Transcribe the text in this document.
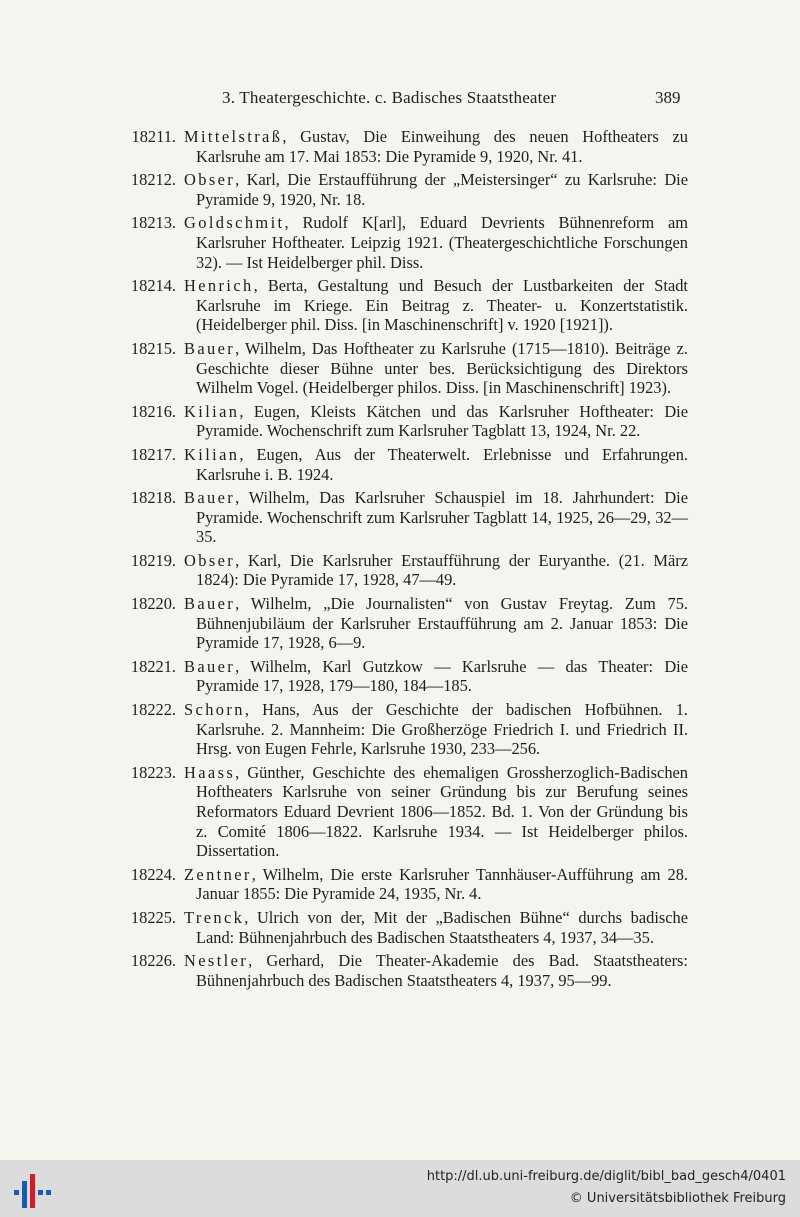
3. Theatergeschichte. c. Badisches Staatstheater	389
18211. Mittelstraß, Gustav, Die Einweihung des neuen Hoftheaters zu Karlsruhe am 17. Mai 1853: Die Pyramide 9, 1920, Nr. 41.
18212. Obser, Karl, Die Erstaufführung der „Meistersinger“ zu Karlsruhe: Die Pyramide 9, 1920, Nr. 18.
18213. Goldschmit, Rudolf K[arl], Eduard Devrients Bühnenreform am Karlsruher Hoftheater. Leipzig 1921. (Theatergeschichtliche Forschungen 32). — Ist Heidelberger phil. Diss.
18214. Henrich, Berta, Gestaltung und Besuch der Lustbarkeiten der Stadt Karlsruhe im Kriege. Ein Beitrag z. Theater- u. Konzertstatistik. (Heidelberger phil. Diss. [in Maschinenschrift] v. 1920 [1921]).
18215. Bauer, Wilhelm, Das Hoftheater zu Karlsruhe (1715—1810). Beiträge z. Geschichte dieser Bühne unter bes. Berücksichtigung des Direktors Wilhelm Vogel. (Heidelberger philos. Diss. [in Maschinenschrift] 1923).
18216. Kilian, Eugen, Kleists Kätchen und das Karlsruher Hoftheater: Die Pyramide. Wochenschrift zum Karlsruher Tagblatt 13, 1924, Nr. 22.
18217. Kilian, Eugen, Aus der Theaterwelt. Erlebnisse und Erfahrungen. Karlsruhe i. B. 1924.
18218. Bauer, Wilhelm, Das Karlsruher Schauspiel im 18. Jahrhundert: Die Pyramide. Wochenschrift zum Karlsruher Tagblatt 14, 1925, 26—29, 32—35.
18219. Obser, Karl, Die Karlsruher Erstaufführung der Euryanthe. (21. März 1824): Die Pyramide 17, 1928, 47—49.
18220. Bauer, Wilhelm, „Die Journalisten“ von Gustav Freytag. Zum 75. Bühnenjubiläum der Karlsruher Erstaufführung am 2. Januar 1853: Die Pyramide 17, 1928, 6—9.
18221. Bauer, Wilhelm, Karl Gutzkow — Karlsruhe — das Theater: Die Pyramide 17, 1928, 179—180, 184—185.
18222. Schorn, Hans, Aus der Geschichte der badischen Hofbühnen. 1. Karlsruhe. 2. Mannheim: Die Großherzöge Friedrich I. und Friedrich II. Hrsg. von Eugen Fehrle, Karlsruhe 1930, 233—256.
18223. Haass, Günther, Geschichte des ehemaligen Grossherzoglich-Badischen Hoftheaters Karlsruhe von seiner Gründung bis zur Berufung seines Reformators Eduard Devrient 1806—1852. Bd. 1. Von der Gründung bis z. Comité 1806—1822. Karlsruhe 1934. — Ist Heidelberger philos. Dissertation.
18224. Zentner, Wilhelm, Die erste Karlsruher Tannhäuser-Aufführung am 28. Januar 1855: Die Pyramide 24, 1935, Nr. 4.
18225. Trenck, Ulrich von der, Mit der „Badischen Bühne“ durchs badische Land: Bühnenjahrbuch des Badischen Staatstheaters 4, 1937, 34—35.
18226. Nestler, Gerhard, Die Theater-Akademie des Bad. Staatstheaters: Bühnenjahrbuch des Badischen Staatstheaters 4, 1937, 95—99.
http://dl.ub.uni-freiburg.de/diglit/bibl_bad_gesch4/0401
© Universitätsbibliothek Freiburg
